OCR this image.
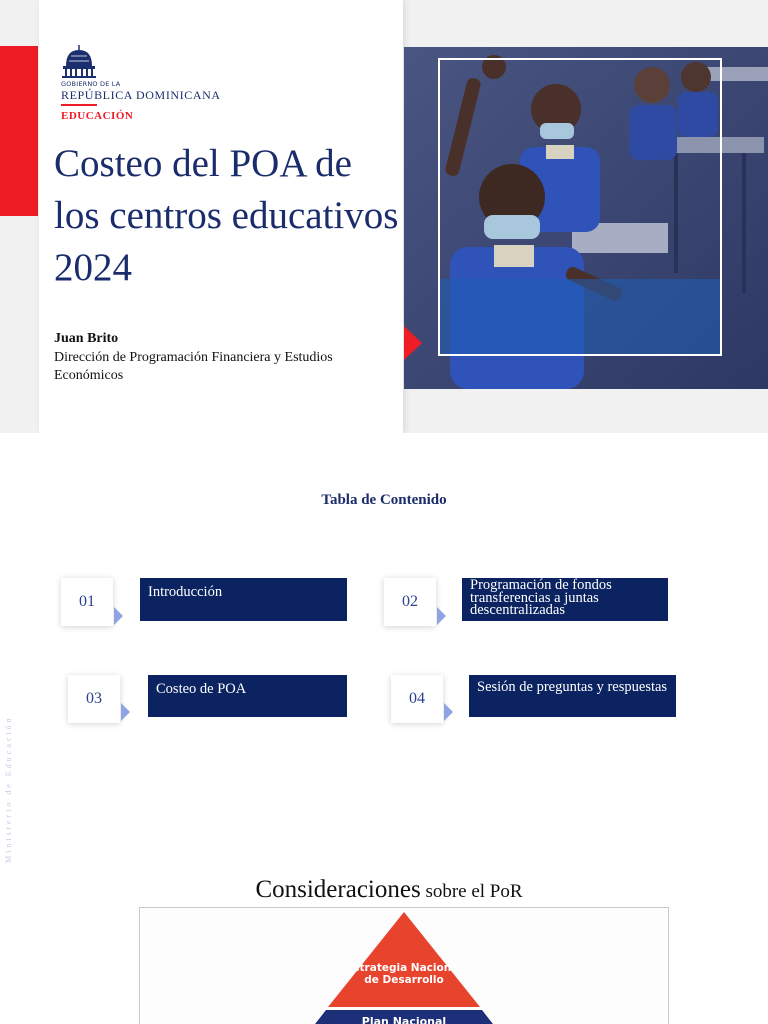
GOBIERNO DE LA
REPÚBLICA DOMINICANA
EDUCACIÓN
Costeo del POA de los centros educativos 2024
Juan Brito
Dirección de Programación Financiera y Estudios Económicos
Tabla de Contenido
Ministerio de Educación
01
Introducción
02
Programación de fondos transferencias a juntas descentralizadas
03
Costeo de POA
04
Sesión de preguntas y respuestas
Consideraciones sobre el PoR
Estrategia Nacional de Desarrollo
Plan Nacional
